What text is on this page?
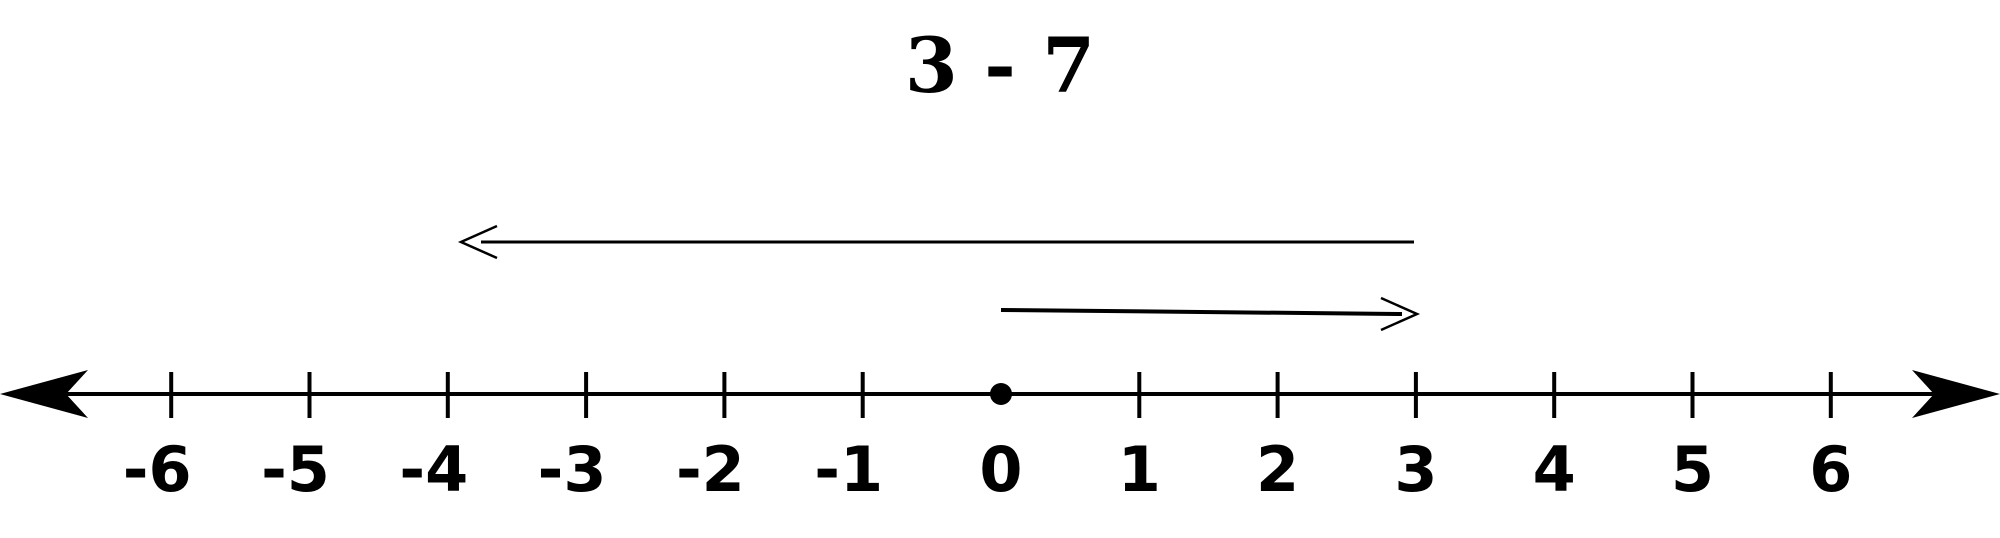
3 - 7
-6 -5 -4 -3 -2 -1 0 1 2 3 4 5 6
